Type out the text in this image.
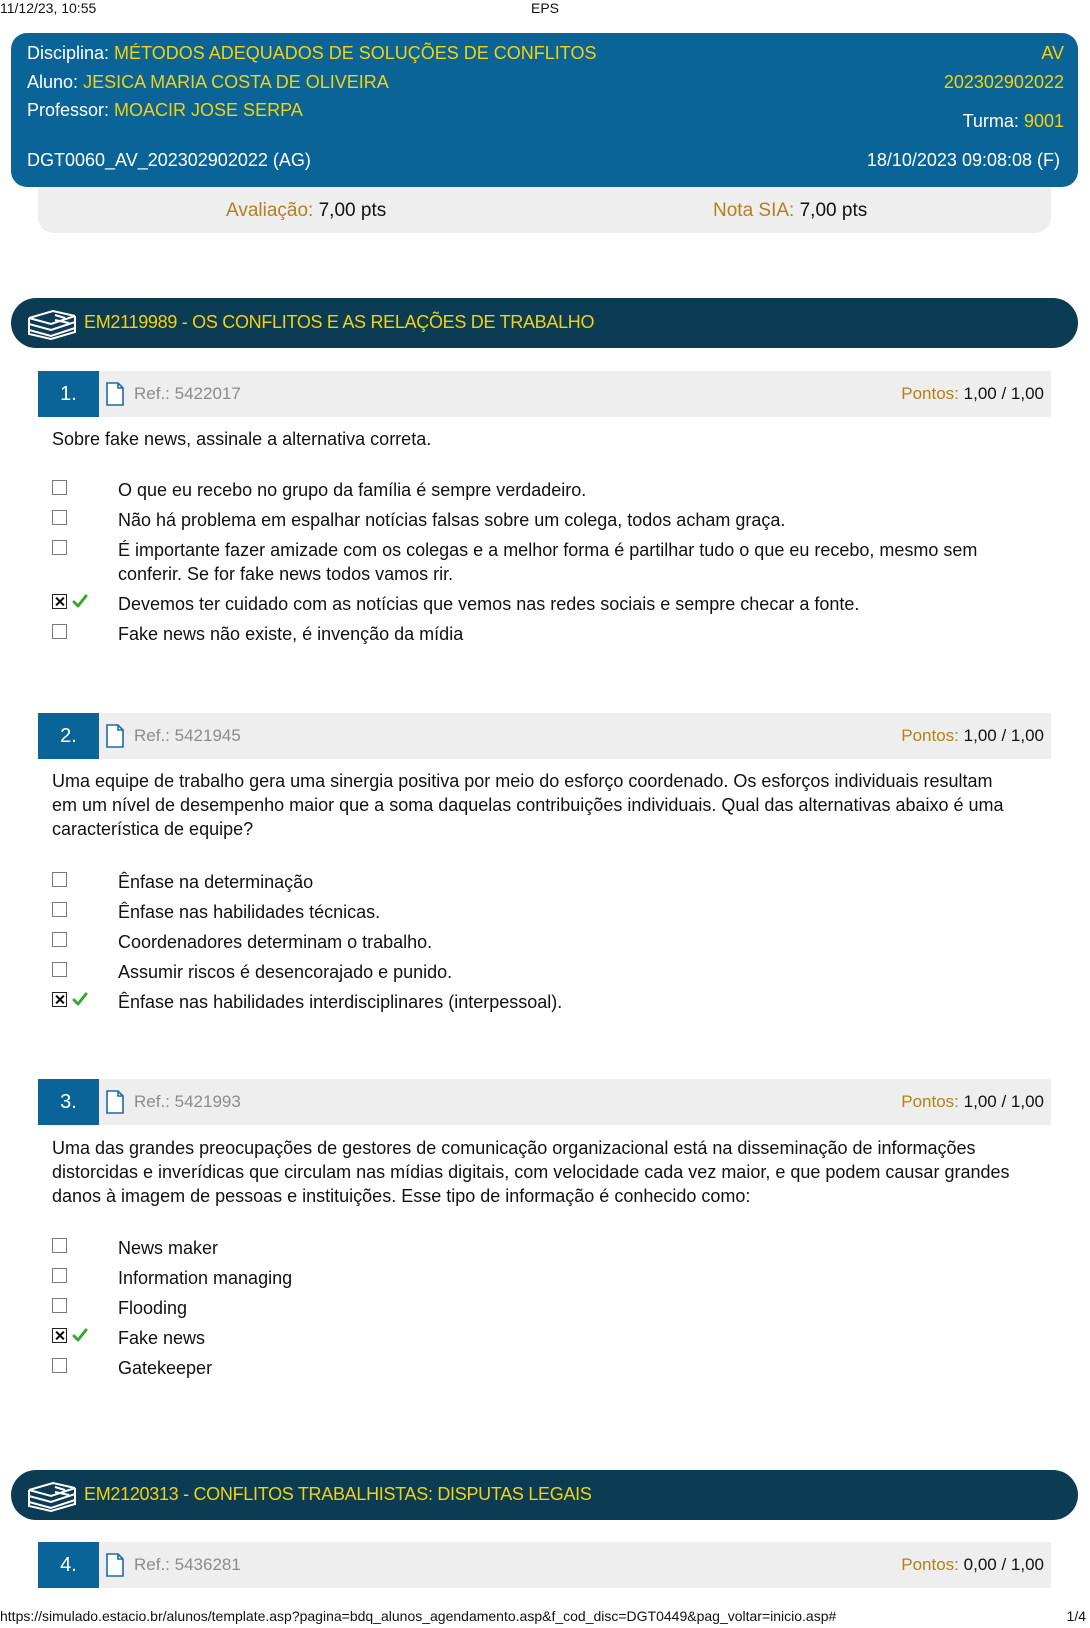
11/12/23, 10:55	EPS
Disciplina: MÉTODOS ADEQUADOS DE SOLUÇÕES DE CONFLITOS
Aluno: JESICA MARIA COSTA DE OLIVEIRA
Professor: MOACIR JOSE SERPA
AV
202302902022
Turma: 9001
DGT0060_AV_202302902022 (AG)	18/10/2023 09:08:08 (F)
Avaliação: 7,00 pts	Nota SIA: 7,00 pts
EM2119989 - OS CONFLITOS E AS RELAÇÕES DE TRABALHO
1.	Ref.: 5422017	Pontos: 1,00 / 1,00
Sobre fake news, assinale a alternativa correta.
O que eu recebo no grupo da família é sempre verdadeiro.
Não há problema em espalhar notícias falsas sobre um colega, todos acham graça.
É importante fazer amizade com os colegas e a melhor forma é partilhar tudo o que eu recebo, mesmo sem conferir. Se for fake news todos vamos rir.
Devemos ter cuidado com as notícias que vemos nas redes sociais e sempre checar a fonte.
Fake news não existe, é invenção da mídia
2.	Ref.: 5421945	Pontos: 1,00 / 1,00
Uma equipe de trabalho gera uma sinergia positiva por meio do esforço coordenado. Os esforços individuais resultam em um nível de desempenho maior que a soma daquelas contribuições individuais. Qual das alternativas abaixo é uma característica de equipe?
Ênfase na determinação
Ênfase nas habilidades técnicas.
Coordenadores determinam o trabalho.
Assumir riscos é desencorajado e punido.
Ênfase nas habilidades interdisciplinares (interpessoal).
3.	Ref.: 5421993	Pontos: 1,00 / 1,00
Uma das grandes preocupações de gestores de comunicação organizacional está na disseminação de informações distorcidas e inverídicas que circulam nas mídias digitais, com velocidade cada vez maior, e que podem causar grandes danos à imagem de pessoas e instituições. Esse tipo de informação é conhecido como:
News maker
Information managing
Flooding
Fake news
Gatekeeper
EM2120313 - CONFLITOS TRABALHISTAS: DISPUTAS LEGAIS
4.	Ref.: 5436281	Pontos: 0,00 / 1,00
https://simulado.estacio.br/alunos/template.asp?pagina=bdq_alunos_agendamento.asp&f_cod_disc=DGT0449&pag_voltar=inicio.asp#	1/4
